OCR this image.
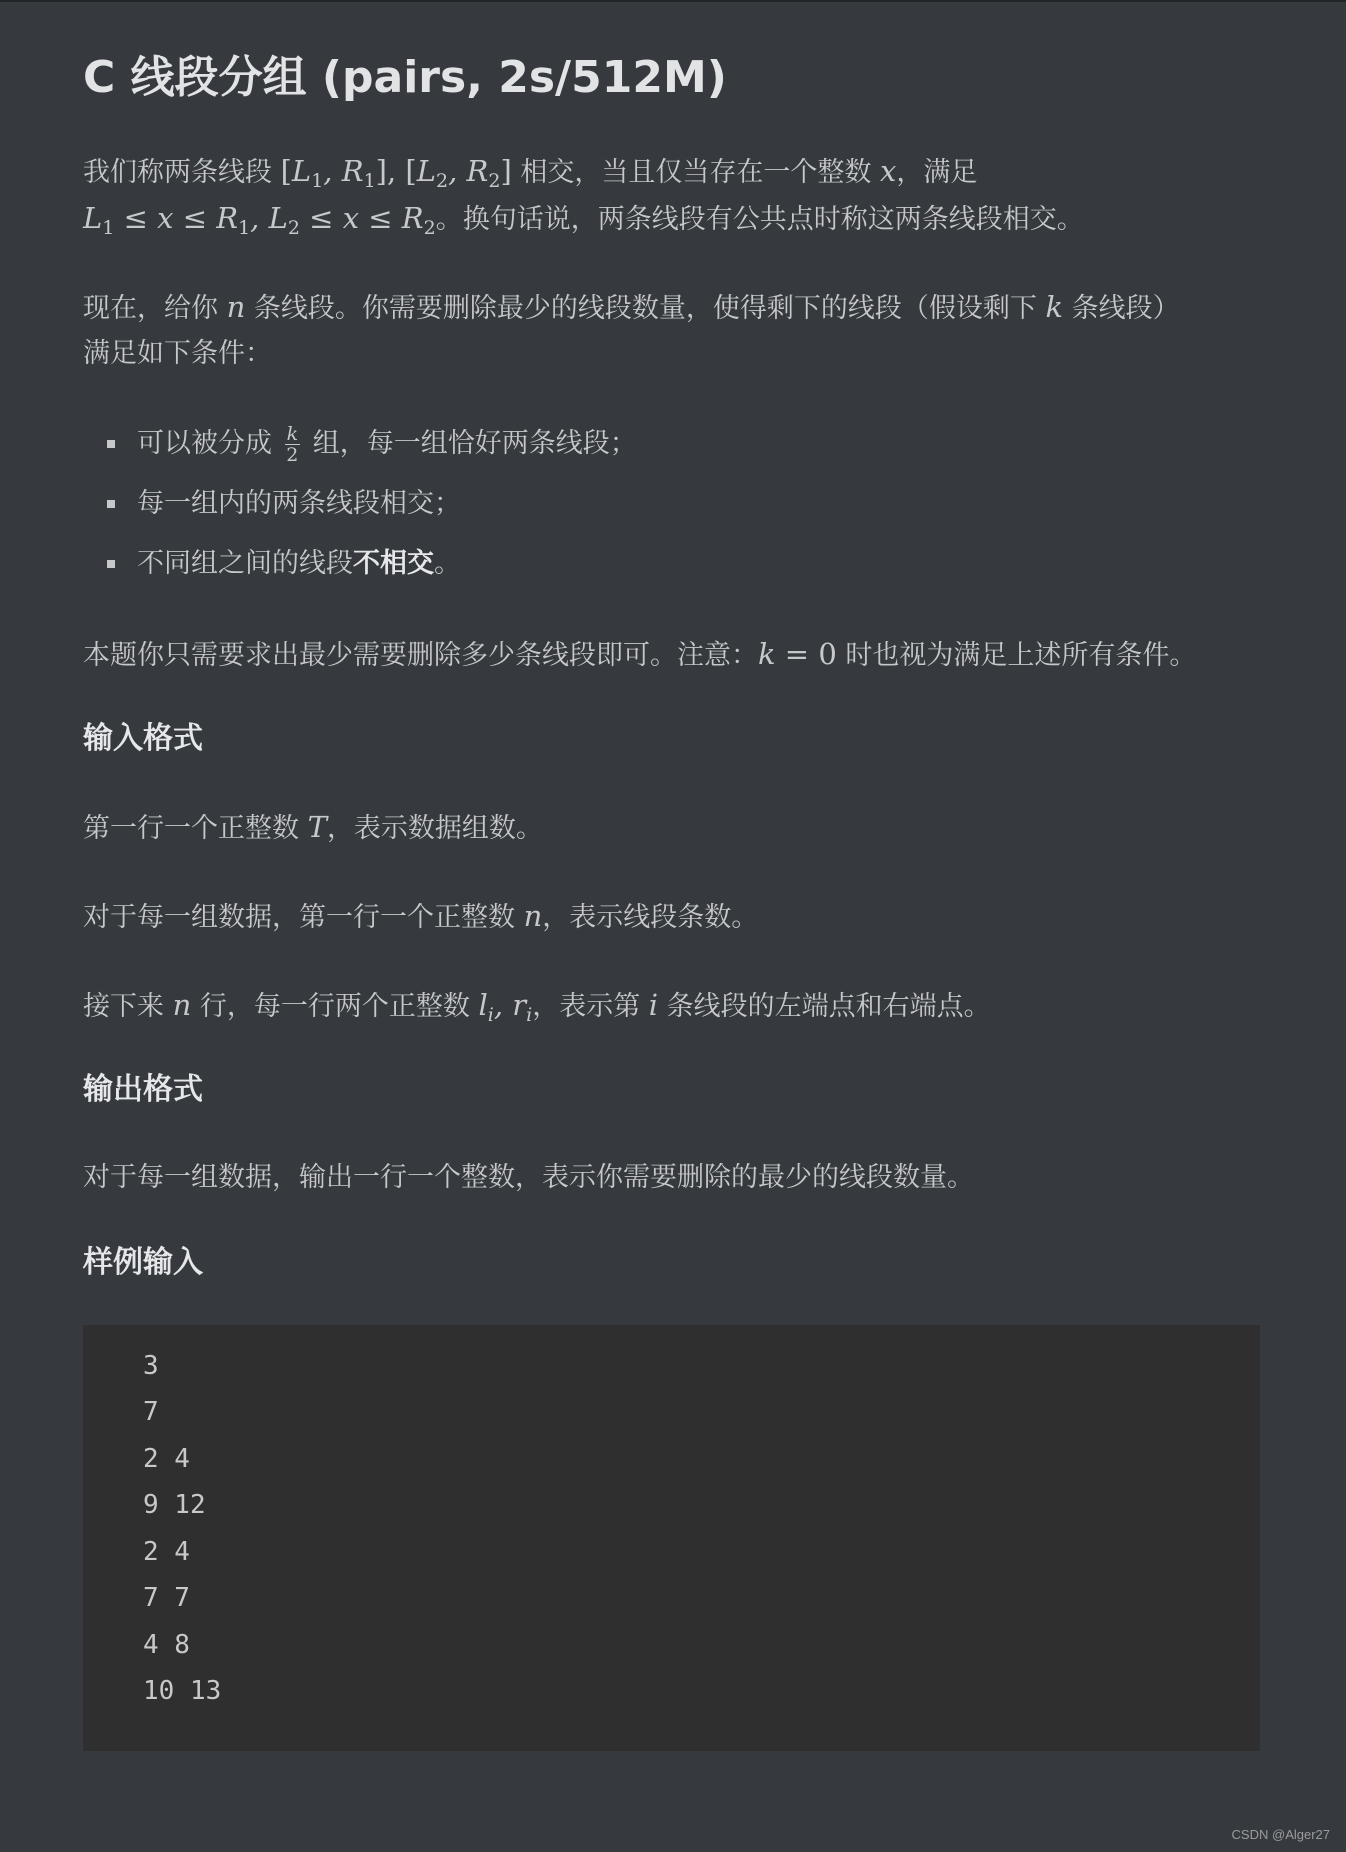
C 线段分组 (pairs, 2s/512M)

我们称两条线段 [$L_1$, $R_1$], [$L_2$, $R_2$] 相交，当且仅当存在一个整数 x，满足

$L_1 \le x \le R_1$, $L_2 \le x \le R_2$。换句话说，两条线段有公共点时称这两条线段相交。

现在，给你 n 条线段。你需要删除最少的线段数量，使得剩下的线段（假设剩下 k 条线段）

满足如下条件：

可以被分成 $\frac{k}{2}$ 组，每一组恰好两条线段；
每一组内的两条线段相交；
不同组之间的线段不相交。

本题你只需要求出最少需要删除多少条线段即可。注意：k = 0 时也视为满足上述所有条件。

输入格式

第一行一个正整数 T，表示数据组数。

对于每一组数据，第一行一个正整数 n，表示线段条数。

接下来 n 行，每一行两个正整数 $l_i$, $r_i$，表示第 i 条线段的左端点和右端点。

输出格式

对于每一组数据，输出一行一个整数，表示你需要删除的最少的线段数量。

样例输入
3
7
2 4
9 12
2 4
7 7
4 8
10 13
CSDN @Alger27
